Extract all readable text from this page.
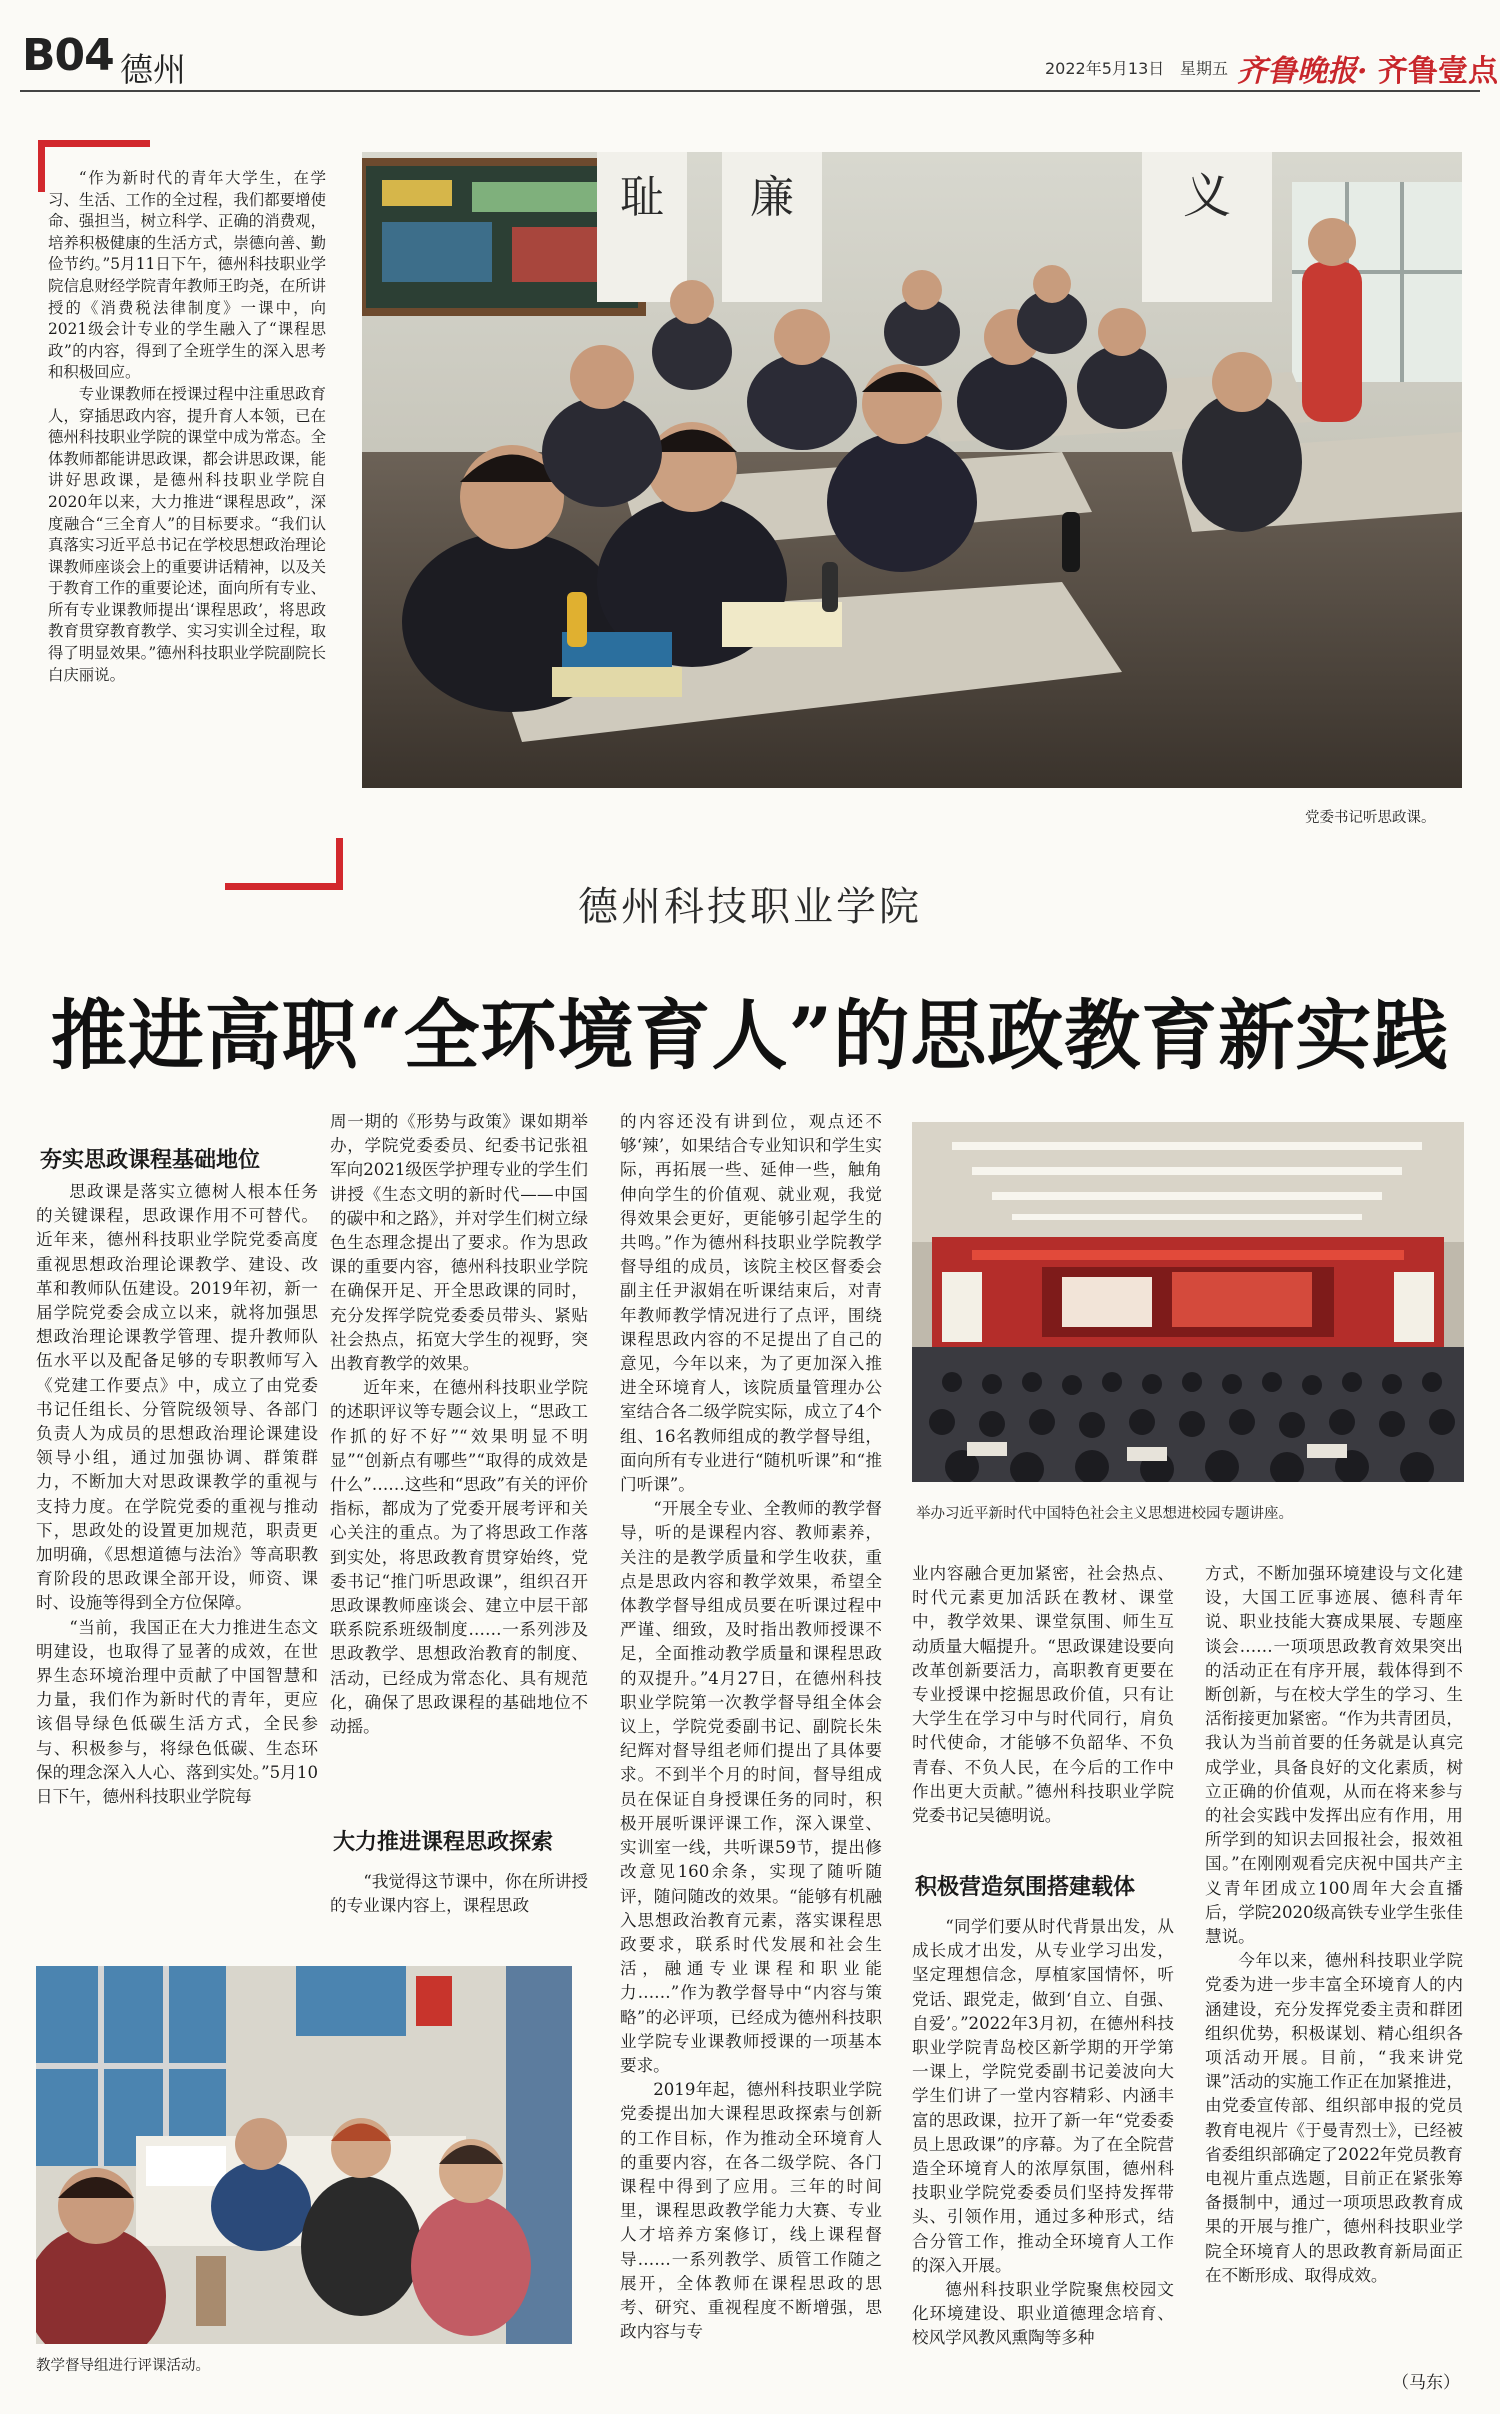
B04 德州	2022年5月13日 星期五 齐鲁晚报· 齐鲁壹点

“作为新时代的青年大学生，在学习、生活、工作的全过程，我们都要增使命、强担当，树立科学、正确的消费观，培养积极健康的生活方式，崇德向善、勤俭节约。”5月11日下午，德州科技职业学院信息财经学院青年教师王昀尧，在所讲授的《消费税法律制度》一课中，向2021级会计专业的学生融入了“课程思政”的内容，得到了全班学生的深入思考和积极回应。

专业课教师在授课过程中注重思政育人，穿插思政内容，提升育人本领，已在德州科技职业学院的课堂中成为常态。全体教师都能讲思政课，都会讲思政课，能讲好思政课，是德州科技职业学院自2020年以来，大力推进“课程思政”，深度融合“三全育人”的目标要求。“我们认真落实习近平总书记在学校思想政治理论课教师座谈会上的重要讲话精神，以及关于教育工作的重要论述，面向所有专业、所有专业课教师提出‘课程思政’，将思政教育贯穿教育教学、实习实训全过程，取得了明显效果。”德州科技职业学院副院长白庆丽说。

耻 廉	义
党委书记听思政课。
德州科技职业学院
推进高职“全环境育人”的思政教育新实践
夯实思政课程基础地位

思政课是落实立德树人根本任务的关键课程，思政课作用不可替代。近年来，德州科技职业学院党委高度重视思想政治理论课教学、建设、改革和教师队伍建设。2019年初，新一届学院党委会成立以来，就将加强思想政治理论课教学管理、提升教师队伍水平以及配备足够的专职教师写入《党建工作要点》中，成立了由党委书记任组长、分管院级领导、各部门负责人为成员的思想政治理论课建设领导小组，通过加强协调、群策群力，不断加大对思政课教学的重视与支持力度。在学院党委的重视与推动下，思政处的设置更加规范，职责更加明确，《思想道德与法治》等高职教育阶段的思政课全部开设，师资、课时、设施等得到全方位保障。

“当前，我国正在大力推进生态文明建设，也取得了显著的成效，在世界生态环境治理中贡献了中国智慧和力量，我们作为新时代的青年，更应该倡导绿色低碳生活方式，全民参与、积极参与，将绿色低碳、生态环保的理念深入人心、落到实处。”5月10日下午，德州科技职业学院每

周一期的《形势与政策》课如期举办，学院党委委员、纪委书记张祖军向2021级医学护理专业的学生们讲授《生态文明的新时代——中国的碳中和之路》，并对学生们树立绿色生态理念提出了要求。作为思政课的重要内容，德州科技职业学院在确保开足、开全思政课的同时，充分发挥学院党委委员带头、紧贴社会热点，拓宽大学生的视野，突出教育教学的效果。

近年来，在德州科技职业学院的述职评议等专题会议上，“思政工作抓的好不好”“效果明显不明显”“创新点有哪些”“取得的成效是什么”……这些和“思政”有关的评价指标，都成为了党委开展考评和关心关注的重点。为了将思政工作落到实处，将思政教育贯穿始终，党委书记“推门听思政课”，组织召开思政课教师座谈会、建立中层干部联系院系班级制度……一系列涉及思政教学、思想政治教育的制度、活动，已经成为常态化、具有规范化，确保了思政课程的基础地位不动摇。

大力推进课程思政探索

“我觉得这节课中，你在所讲授的专业课内容上，课程思政

教学督导组进行评课活动。

的内容还没有讲到位，观点还不够‘辣’，如果结合专业知识和学生实际，再拓展一些、延伸一些，触角伸向学生的价值观、就业观，我觉得效果会更好，更能够引起学生的共鸣。”作为德州科技职业学院教学督导组的成员，该院主校区督委会副主任尹淑娟在听课结束后，对青年教师教学情况进行了点评，围绕课程思政内容的不足提出了自己的意见，今年以来，为了更加深入推进全环境育人，该院质量管理办公室结合各二级学院实际，成立了4个组、16名教师组成的教学督导组，面向所有专业进行“随机听课”和“推门听课”。

“开展全专业、全教师的教学督导，听的是课程内容、教师素养，关注的是教学质量和学生收获，重点是思政内容和教学效果，希望全体教学督导组成员要在听课过程中严谨、细致，及时指出教师授课不足，全面推动教学质量和课程思政的双提升。”4月27日，在德州科技职业学院第一次教学督导组全体会议上，学院党委副书记、副院长朱纪辉对督导组老师们提出了具体要求。不到半个月的时间，督导组成员在保证自身授课任务的同时，积极开展听课评课工作，深入课堂、实训室一线，共听课59节，提出修改意见160余条，实现了随听随评，随问随改的效果。“能够有机融入思想政治教育元素，落实课程思政要求，联系时代发展和社会生活，融通专业课程和职业能力……”作为教学督导中“内容与策略”的必评项，已经成为德州科技职业学院专业课教师授课的一项基本要求。

2019年起，德州科技职业学院党委提出加大课程思政探索与创新的工作目标，作为推动全环境育人的重要内容，在各二级学院、各门课程中得到了应用。三年的时间里，课程思政教学能力大赛、专业人才培养方案修订，线上课程督导……一系列教学、质管工作随之展开，全体教师在课程思政的思考、研究、重视程度不断增强，思政内容与专

举办习近平新时代中国特色社会主义思想进校园专题讲座。

业内容融合更加紧密，社会热点、时代元素更加活跃在教材、课堂中，教学效果、课堂氛围、师生互动质量大幅提升。“思政课建设要向改革创新要活力，高职教育更要在专业授课中挖掘思政价值，只有让大学生在学习中与时代同行，肩负时代使命，才能够不负韶华、不负青春、不负人民，在今后的工作中作出更大贡献。”德州科技职业学院党委书记吴德明说。

积极营造氛围搭建载体

“同学们要从时代背景出发，从成长成才出发，从专业学习出发，坚定理想信念，厚植家国情怀，听党话、跟党走，做到‘自立、自强、自爱’。”2022年3月初，在德州科技职业学院青岛校区新学期的开学第一课上，学院党委副书记姜波向大学生们讲了一堂内容精彩、内涵丰富的思政课，拉开了新一年“党委委员上思政课”的序幕。为了在全院营造全环境育人的浓厚氛围，德州科技职业学院党委委员们坚持发挥带头、引领作用，通过多种形式，结合分管工作，推动全环境育人工作的深入开展。

德州科技职业学院聚焦校园文化环境建设、职业道德理念培育、校风学风教风熏陶等多种

方式，不断加强环境建设与文化建设，大国工匠事迹展、德科青年说、职业技能大赛成果展、专题座谈会……一项项思政教育效果突出的活动正在有序开展，载体得到不断创新，与在校大学生的学习、生活衔接更加紧密。“作为共青团员，我认为当前首要的任务就是认真完成学业，具备良好的文化素质，树立正确的价值观，从而在将来参与的社会实践中发挥出应有作用，用所学到的知识去回报社会，报效祖国。”在刚刚观看完庆祝中国共产主义青年团成立100周年大会直播后，学院2020级高铁专业学生张佳慧说。

今年以来，德州科技职业学院党委为进一步丰富全环境育人的内涵建设，充分发挥党委主责和群团组织优势，积极谋划、精心组织各项活动开展。目前，“我来讲党课”活动的实施工作正在加紧推进，由党委宣传部、组织部申报的党员教育电视片《于曼青烈士》，已经被省委组织部确定了2022年党员教育电视片重点选题，目前正在紧张筹备摄制中，通过一项项思政教育成果的开展与推广，德州科技职业学院全环境育人的思政教育新局面正在不断形成、取得成效。

（马东）
